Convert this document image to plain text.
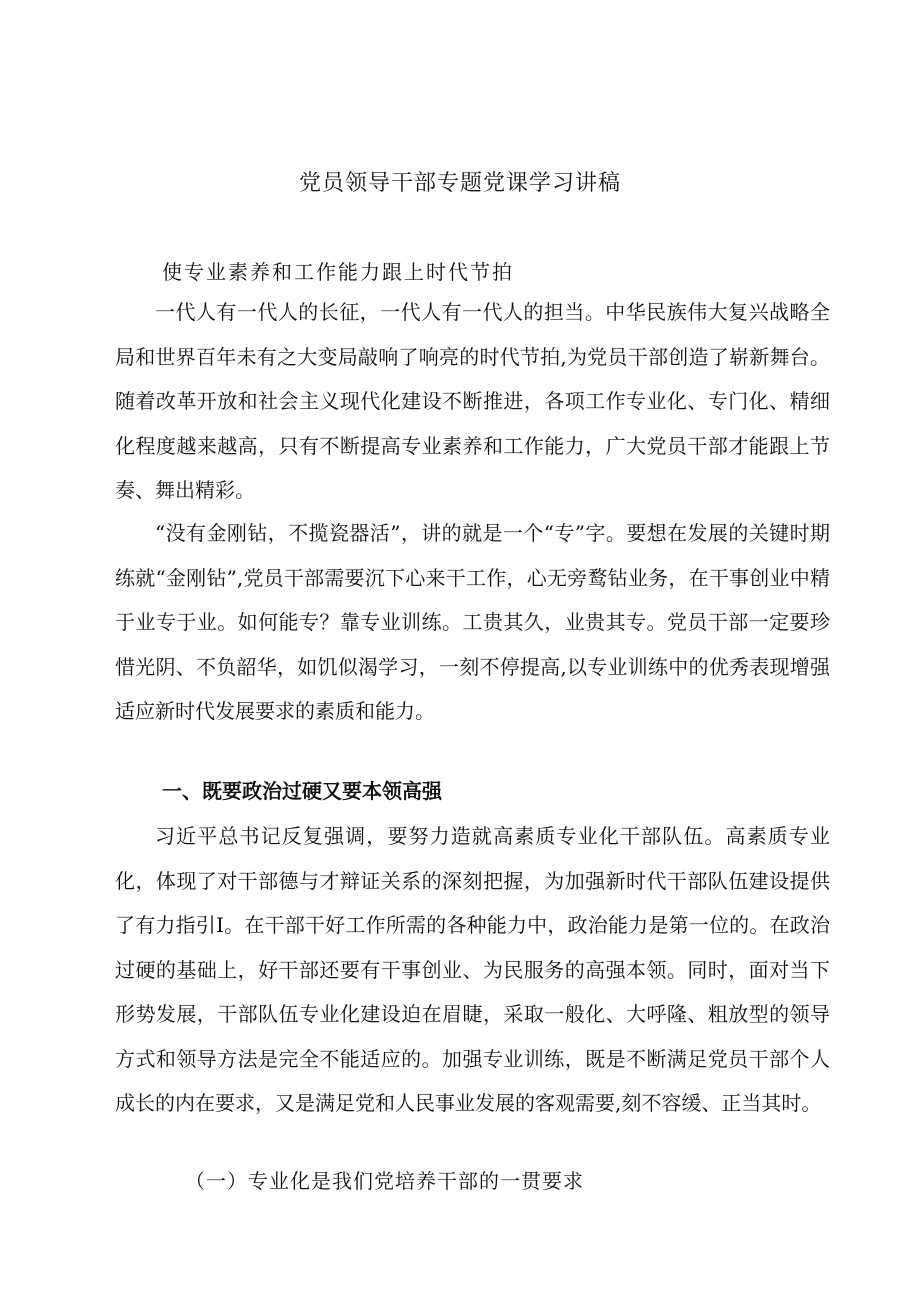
党员领导干部专题党课学习讲稿
使专业素养和工作能力跟上时代节拍

一代人有一代人的长征，一代人有一代人的担当。中华民族伟大复兴战略全局和世界百年未有之大变局敲响了响亮的时代节拍,为党员干部创造了崭新舞台。随着改革开放和社会主义现代化建设不断推进，各项工作专业化、专门化、精细化程度越来越高，只有不断提高专业素养和工作能力，广大党员干部才能跟上节奏、舞出精彩。

“没有金刚钻，不揽瓷器活”，讲的就是一个“专”字。要想在发展的关键时期练就“金刚钻”,党员干部需要沉下心来干工作，心无旁鹜钻业务，在干事创业中精于业专于业。如何能专？靠专业训练。工贵其久，业贵其专。党员干部一定要珍惜光阴、不负韶华，如饥似渴学习，一刻不停提高,以专业训练中的优秀表现增强适应新时代发展要求的素质和能力。

一、既要政治过硬又要本领高强

习近平总书记反复强调，要努力造就高素质专业化干部队伍。高素质专业化，体现了对干部德与才辩证关系的深刻把握，为加强新时代干部队伍建设提供了有力指引I。在干部干好工作所需的各种能力中，政治能力是第一位的。在政治过硬的基础上，好干部还要有干事创业、为民服务的高强本领。同时，面对当下形势发展，干部队伍专业化建设迫在眉睫，采取一般化、大呼隆、粗放型的领导方式和领导方法是完全不能适应的。加强专业训练，既是不断满足党员干部个人成长的内在要求，又是满足党和人民事业发展的客观需要,刻不容缓、正当其时。

（一）专业化是我们党培养干部的一贯要求
